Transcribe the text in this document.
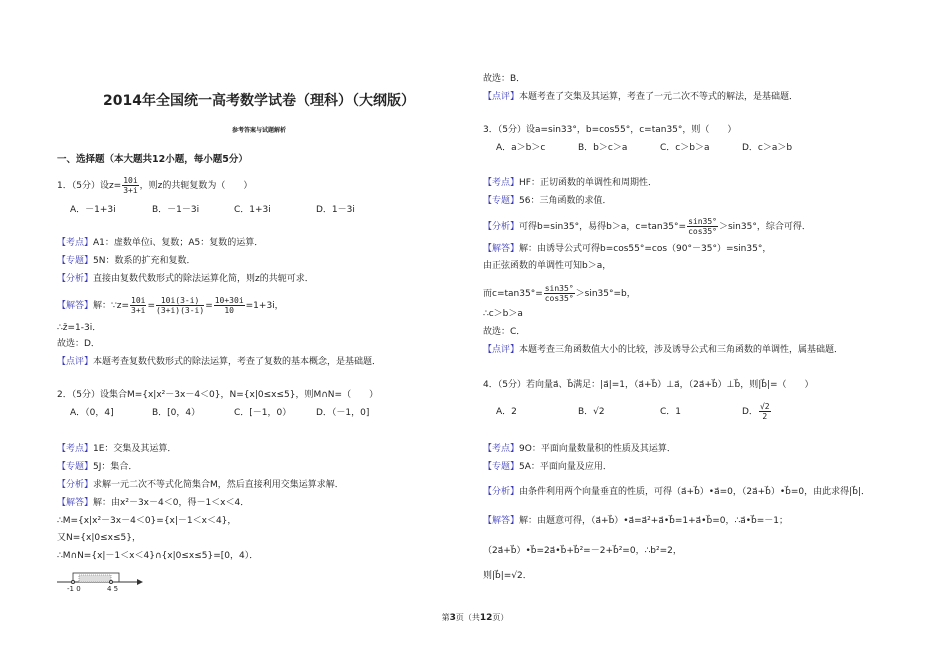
2014年全国统一高考数学试卷（理科）（大纲版）
参考答案与试题解析
一、选择题（本大题共12小题，每小题5分）
1．（5分）设$z= \frac{10i}{3+i}$ ，则z的共轭复数为（　　）
A．－1+3i	B．－1－3i	C．1+3i	D．1－3i
【考点】A1：虚数单位i、复数；A5：复数的运算．
【专题】5N：数系的扩充和复数．
【分析】直接由复数代数形式的除法运算化简，则z的共轭可求．
【解答】解：∵z= $\frac{10i}{3+i} = \frac{10i(3-i)}{(3+i)(3-i)} = \frac{10+30i}{10} =1+3i$，
∴z̄=1-3i．
故选：D．
【点评】本题考查复数代数形式的除法运算，考查了复数的基本概念，是基础题．
2．（5分）设集合M={x|x²－3x－4＜0}，N={x|0≤x≤5}，则M∩N=（　　）
A．（0，4]	B．[0，4）	C．[－1，0）	D．（－1，0]
【考点】1E：交集及其运算．
【专题】5J：集合．
【分析】求解一元二次不等式化简集合M，然后直接利用交集运算求解．
【解答】解：由x²－3x－4＜0，得－1＜x＜4．
∴M={x|x²－3x－4＜0}={x|－1＜x＜4}，
又N={x|0≤x≤5}，
∴M∩N={x|－1＜x＜4}∩{x|0≤x≤5}=[0，4）．
-1 0	4 5
故选：B．
【点评】本题考查了交集及其运算，考查了一元二次不等式的解法，是基础题．
3．（5分）设a=sin33°，b=cos55°，c=tan35°，则（　　）
A．a＞b＞c	B．b＞c＞a	C．c＞b＞a	D．c＞a＞b
【考点】HF：正切函数的单调性和周期性．
【专题】56：三角函数的求值．
【分析】可得b=sin35°，易得b＞a，$c=\tan 35^\circ= \frac{\sin 35^\circ}{\cos 35^\circ} >\sin 35^\circ$，综合可得．
【解答】解：由诱导公式可得b=cos55°=cos（90°－35°）=sin35°，
由正弦函数的单调性可知b＞a，
而$c=\tan 35^\circ= \frac{\sin 35^\circ}{\cos 35^\circ} >\sin 35^\circ=b$，
∴c＞b＞a
故选：C．
【点评】本题考查三角函数值大小的比较，涉及诱导公式和三角函数的单调性，属基础题．
4．（5分）若向量a⃗、b⃗满足：|a⃗|=1，（a⃗+b⃗）⊥a⃗，（2a⃗+b⃗）⊥b⃗，则|b⃗|=（　　）
A．2	B．√2	C．1	D． $\frac{√2}{2}$
【考点】9O：平面向量数量积的性质及其运算．
【专题】5A：平面向量及应用．
【分析】由条件利用两个向量垂直的性质，可得（a⃗+b⃗）•a⃗=0，（2a⃗+b⃗）•b⃗=0，由此求得|b⃗|．
【解答】解：由题意可得，（a⃗+b⃗）•a⃗=a⃗²+a⃗•b⃗=1+a⃗•b⃗=0，∴a⃗•b⃗=－1；
（2a⃗+b⃗）•b⃗=2a⃗•b⃗+b⃗²=－2+b⃗²=0，∴b²=2，
则|b⃗|=√2．
第3页（共12页）
